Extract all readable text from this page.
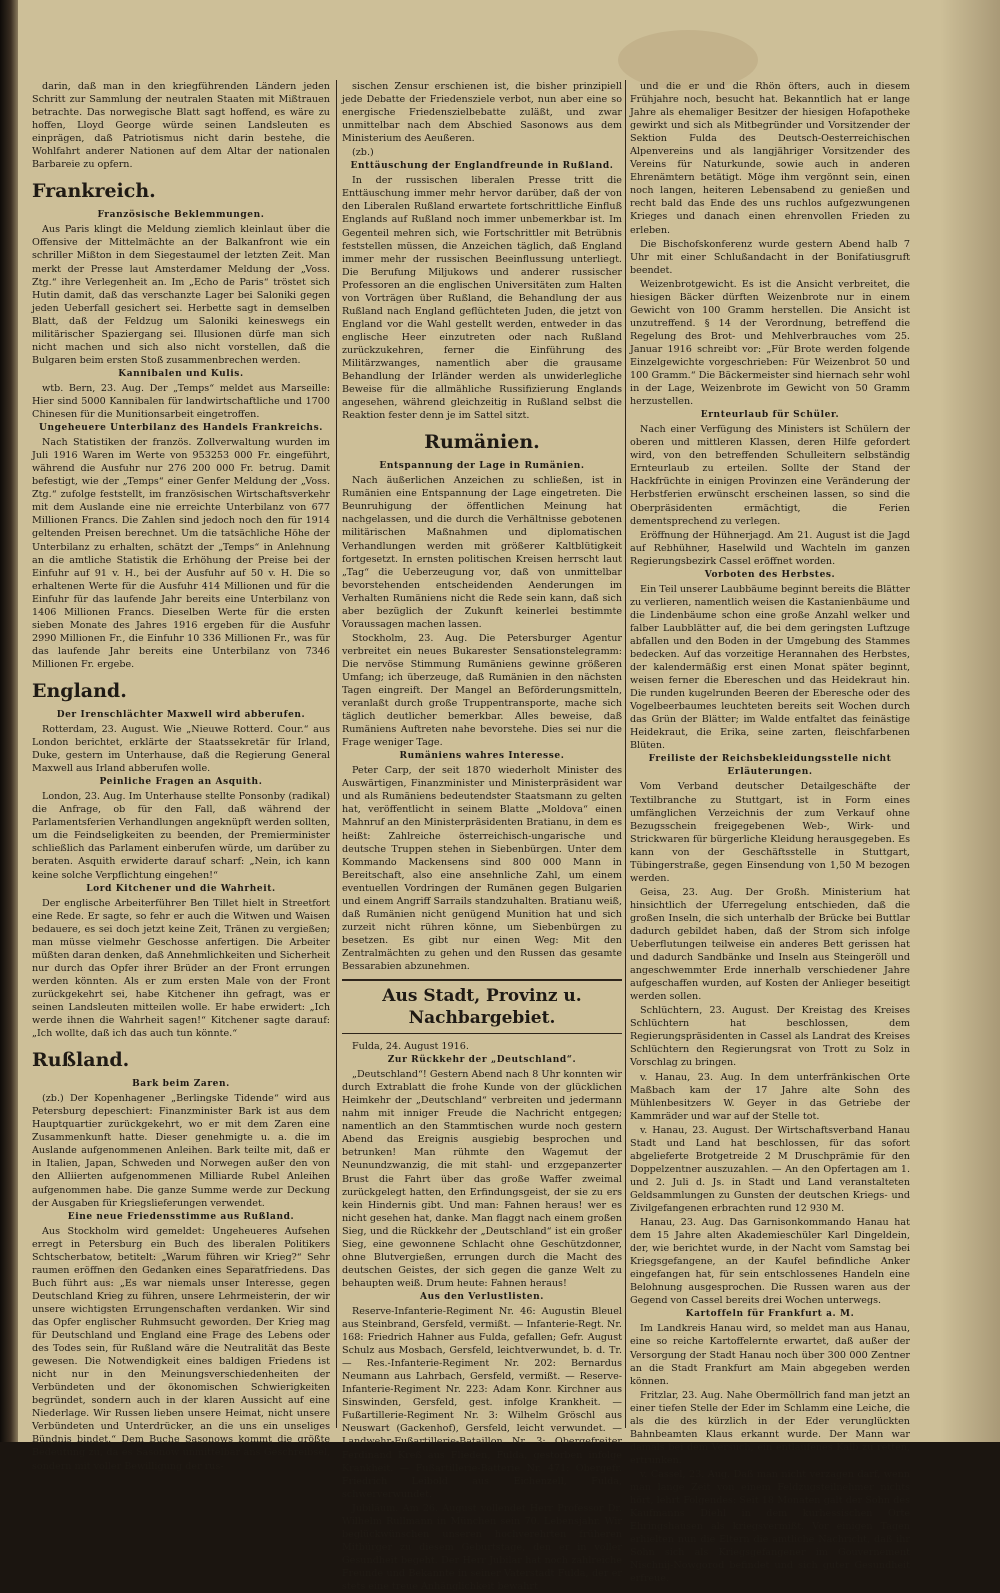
darin, daß man in den kriegführenden Ländern jeden Schritt zur Sammlung der neutralen Staaten mit Mißtrauen betrachte. Das norwegische Blatt sagt hoffend, es wäre zu hoffen, Lloyd George würde seinen Landsleuten es einprägen, daß Patriotismus nicht darin bestehe, die Wohlfahrt anderer Nationen auf dem Altar der nationalen Barbareie zu opfern.

Frankreich.

Französische Beklemmungen.

Aus Paris klingt die Meldung ziemlich kleinlaut über die Offensive der Mittelmächte an der Balkanfront wie ein schriller Mißton in dem Siegestaumel der letzten Zeit. Man merkt der Presse laut Amsterdamer Meldung der „Voss. Ztg.“ ihre Verlegenheit an. Im „Echo de Paris“ tröstet sich Hutin damit, daß das verschanzte Lager bei Saloniki gegen jeden Ueberfall gesichert sei. Herbette sagt in demselben Blatt, daß der Feldzug um Saloniki keineswegs ein militärischer Spaziergang sei. Illusionen dürfe man sich nicht machen und sich also nicht vorstellen, daß die Bulgaren beim ersten Stoß zusammenbrechen werden.

Kannibalen und Kulis.

wtb. Bern, 23. Aug. Der „Temps“ meldet aus Marseille: Hier sind 5000 Kannibalen für landwirtschaftliche und 1700 Chinesen für die Munitionsarbeit eingetroffen.

Ungeheuere Unterbilanz des Handels Frankreichs.

Nach Statistiken der französ. Zollverwaltung wurden im Juli 1916 Waren im Werte von 953253 000 Fr. eingeführt, während die Ausfuhr nur 276 200 000 Fr. betrug. Damit befestigt, wie der „Temps“ einer Genfer Meldung der „Voss. Ztg.“ zufolge feststellt, im französischen Wirtschaftsverkehr mit dem Auslande eine nie erreichte Unterbilanz von 677 Millionen Francs. Die Zahlen sind jedoch noch den für 1914 geltenden Preisen berechnet. Um die tatsächliche Höhe der Unterbilanz zu erhalten, schätzt der „Temps“ in Anlehnung an die amtliche Statistik die Erhöhung der Preise bei der Einfuhr auf 91 v. H., bei der Ausfuhr auf 50 v. H. Die so erhaltenen Werte für die Ausfuhr 414 Millionen und für die Einfuhr für das laufende Jahr bereits eine Unterbilanz von 1406 Millionen Francs. Dieselben Werte für die ersten sieben Monate des Jahres 1916 ergeben für die Ausfuhr 2990 Millionen Fr., die Einfuhr 10 336 Millionen Fr., was für das laufende Jahr bereits eine Unterbilanz von 7346 Millionen Fr. ergebe.

England.

Der Irenschlächter Maxwell wird abberufen.

Rotterdam, 23. August. Wie „Nieuwe Rotterd. Cour.“ aus London berichtet, erklärte der Staatssekretär für Irland, Duke, gestern im Unterhause, daß die Regierung General Maxwell aus Irland abberufen wolle.

Peinliche Fragen an Asquith.

London, 23. Aug. Im Unterhause stellte Ponsonby (radikal) die Anfrage, ob für den Fall, daß während der Parlamentsferien Verhandlungen angeknüpft werden sollten, um die Feindseligkeiten zu beenden, der Premierminister schließlich das Parlament einberufen würde, um darüber zu beraten. Asquith erwiderte darauf scharf: „Nein, ich kann keine solche Verpflichtung eingehen!“

Lord Kitchener und die Wahrheit.

Der englische Arbeiterführer Ben Tillet hielt in Streetfort eine Rede. Er sagte, so fehr er auch die Witwen und Waisen bedauere, es sei doch jetzt keine Zeit, Tränen zu vergießen; man müsse vielmehr Geschosse anfertigen. Die Arbeiter müßten daran denken, daß Annehmlichkeiten und Sicherheit nur durch das Opfer ihrer Brüder an der Front errungen werden könnten. Als er zum ersten Male von der Front zurückgekehrt sei, habe Kitchener ihn gefragt, was er seinen Landsleuten mitteilen wolle. Er habe erwidert: „Ich werde ihnen die Wahrheit sagen!“ Kitchener sagte darauf: „Ich wollte, daß ich das auch tun könnte.“

Rußland.

Bark beim Zaren.

(zb.) Der Kopenhagener „Berlingske Tidende“ wird aus Petersburg depeschiert: Finanzminister Bark ist aus dem Hauptquartier zurückgekehrt, wo er mit dem Zaren eine Zusammenkunft hatte. Dieser genehmigte u. a. die im Auslande aufgenommenen Anleihen. Bark teilte mit, daß er in Italien, Japan, Schweden und Norwegen außer den von den Alliierten aufgenommenen Milliarde Rubel Anleihen aufgenommen habe. Die ganze Summe werde zur Deckung der Ausgaben für Kriegslieferungen verwendet.

Eine neue Friedensstimme aus Rußland.

Aus Stockholm wird gemeldet: Ungeheueres Aufsehen erregt in Petersburg ein Buch des liberalen Politikers Schtscherbatow, betitelt: „Warum führen wir Krieg?“ Sehr raumen eröffnen den Gedanken eines Separatfriedens. Das Buch führt aus: „Es war niemals unser Interesse, gegen Deutschland Krieg zu führen, unsere Lehrmeisterin, der wir unsere wichtigsten Errungenschaften verdanken. Wir sind das Opfer englischer Ruhmsucht geworden. Der Krieg mag für Deutschland und England eine Frage des Lebens oder des Todes sein, für Rußland wäre die Neutralität das Beste gewesen. Die Notwendigkeit eines baldigen Friedens ist nicht nur in den Meinungsverschiedenheiten der Verbündeten und der ökonomischen Schwierigkeiten begründet, sondern auch in der klaren Aussicht auf eine Niederlage. Wir Russen lieben unsere Heimat, nicht unsere Verbündeten und Unterdrücker, an die uns ein unseliges Bündnis bindet.“ Dem Buche Sasonows kommt die größte Bedeutung zu, da es Sasonow unmittelbar ans Geschreibsel, sondern mit voller Bewilligung der rus-

sischen Zensur erschienen ist, die bisher prinzipiell jede Debatte der Friedensziele verbot, nun aber eine so energische Friedenszielbebatte zuläßt, und zwar unmittelbar nach dem Abschied Sasonows aus dem Ministerium des Aeußeren.

(zb.)

Enttäuschung der Englandfreunde in Rußland.

In der russischen liberalen Presse tritt die Enttäuschung immer mehr hervor darüber, daß der von den Liberalen Rußland erwartete fortschrittliche Einfluß Englands auf Rußland noch immer unbemerkbar ist. Im Gegenteil mehren sich, wie Fortschrittler mit Betrübnis feststellen müssen, die Anzeichen täglich, daß England immer mehr der russischen Beeinflussung unterliegt. Die Berufung Miljukows und anderer russischer Professoren an die englischen Universitäten zum Halten von Vorträgen über Rußland, die Behandlung der aus Rußland nach England geflüchteten Juden, die jetzt von England vor die Wahl gestellt werden, entweder in das englische Heer einzutreten oder nach Rußland zurückzukehren, ferner die Einführung des Militärzwanges, namentlich aber die grausame Behandlung der Irländer werden als unwiderlegliche Beweise für die allmähliche Russifizierung Englands angesehen, während gleichzeitig in Rußland selbst die Reaktion fester denn je im Sattel sitzt.

Rumänien.

Entspannung der Lage in Rumänien.

Nach äußerlichen Anzeichen zu schließen, ist in Rumänien eine Entspannung der Lage eingetreten. Die Beunruhigung der öffentlichen Meinung hat nachgelassen, und die durch die Verhältnisse gebotenen militärischen Maßnahmen und diplomatischen Verhandlungen werden mit größerer Kaltblütigkeit fortgesetzt. In ernsten politischen Kreisen herrscht laut „Tag“ die Ueberzeugung vor, daß von unmittelbar bevorstehenden entscheidenden Aenderungen im Verhalten Rumäniens nicht die Rede sein kann, daß sich aber bezüglich der Zukunft keinerlei bestimmte Voraussagen machen lassen.

Stockholm, 23. Aug. Die Petersburger Agentur verbreitet ein neues Bukarester Sensationstelegramm: Die nervöse Stimmung Rumäniens gewinne größeren Umfang; ich überzeuge, daß Rumänien in den nächsten Tagen eingreift. Der Mangel an Beförderungsmitteln, veranlaßt durch große Truppentransporte, mache sich täglich deutlicher bemerkbar. Alles beweise, daß Rumäniens Auftreten nahe bevorstehe. Dies sei nur die Frage weniger Tage.

Rumäniens wahres Interesse.

Peter Carp, der seit 1870 wiederholt Minister des Auswärtigen, Finanzminister und Ministerpräsident war und als Rumäniens bedeutendster Staatsmann zu gelten hat, veröffentlicht in seinem Blatte „Moldova“ einen Mahnruf an den Ministerpräsidenten Bratianu, in dem es heißt: Zahlreiche österreichisch-ungarische und deutsche Truppen stehen in Siebenbürgen. Unter dem Kommando Mackensens sind 800 000 Mann in Bereitschaft, also eine ansehnliche Zahl, um einem eventuellen Vordringen der Rumänen gegen Bulgarien und einem Angriff Sarrails standzuhalten. Bratianu weiß, daß Rumänien nicht genügend Munition hat und sich zurzeit nicht rühren könne, um Siebenbürgen zu besetzen. Es gibt nur einen Weg: Mit den Zentralmächten zu gehen und den Russen das gesamte Bessarabien abzunehmen.

Aus Stadt, Provinz u. Nachbargebiet.

Fulda, 24. August 1916.

Zur Rückkehr der „Deutschland“.

„Deutschland“! Gestern Abend nach 8 Uhr konnten wir durch Extrablatt die frohe Kunde von der glücklichen Heimkehr der „Deutschland“ verbreiten und jedermann nahm mit inniger Freude die Nachricht entgegen; namentlich an den Stammtischen wurde noch gestern Abend das Ereignis ausgiebig besprochen und betrunken! Man rühmte den Wagemut der Neunundzwanzig, die mit stahl- und erzgepanzerter Brust die Fahrt über das große Waffer zweimal zurückgelegt hatten, den Erfindungsgeist, der sie zu ers kein Hindernis gibt. Und man: Fahnen heraus! wer es nicht gesehen hat, danke. Man flaggt nach einem großen Sieg, und die Rückkehr der „Deutschland“ ist ein großer Sieg, eine gewonnene Schlacht ohne Geschützdonner, ohne Blutvergießen, errungen durch die Macht des deutschen Geistes, der sich gegen die ganze Welt zu behaupten weiß. Drum heute: Fahnen heraus!

Aus den Verlustlisten.

Reserve-Infanterie-Regiment Nr. 46: Augustin Bleuel aus Steinbrand, Gersfeld, vermißt. — Infanterie-Regt. Nr. 168: Friedrich Hahner aus Fulda, gefallen; Gefr. August Schulz aus Mosbach, Gersfeld, leichtverwundet, b. d. Tr. — Res.-Infanterie-Regiment Nr. 202: Bernardus Neumann aus Lahrbach, Gersfeld, vermißt. — Reserve-Infanterie-Regiment Nr. 223: Adam Konr. Kirchner aus Sinswinden, Gersfeld, gest. infolge Krankheit. — Fußartillerie-Regiment Nr. 3: Wilhelm Gröschl aus Neuswart (Gackenhof), Gersfeld, leicht verwundet. — Landwehr-Fußartillerie-Bataillon Nr. 3: Obergefreiter Ferdinand Kreß aus Flieden, Fulda, gestorben infolge Krankheit. — Fußartillerie-Batterie Nr. 471: Obergefr. Friedrich Leibold aus Eichenzell, Fulda, schwerverwundet.

Jubiläum. Am 26. August vollendet Herr Professor Dr. Wilhelm Rullmann in München sein 70. Lebensjahr. Wir beglückwünschen unseren hochverehrten früheren Mitbürger zu diesem Geburtstage, den er in voller Gesundheit begeht. Der Herr Jubilar hat noch zahlreiche Freunde und Bekannte in seiner Vaterstadt Fulda, der er stets eine treue Anhänglichkeit bewahrt

und die er und die Rhön öfters, auch in diesem Frühjahre noch, besucht hat. Bekanntlich hat er lange Jahre als ehemaliger Besitzer der hiesigen Hofapotheke gewirkt und sich als Mitbegründer und Vorsitzender der Sektion Fulda des Deutsch-Oesterreichischen Alpenvereins und als langjähriger Vorsitzender des Vereins für Naturkunde, sowie auch in anderen Ehrenämtern betätigt. Möge ihm vergönnt sein, einen noch langen, heiteren Lebensabend zu genießen und recht bald das Ende des uns ruchlos aufgezwungenen Krieges und danach einen ehrenvollen Frieden zu erleben.

Die Bischofskonferenz wurde gestern Abend halb 7 Uhr mit einer Schlußandacht in der Bonifatiusgruft beendet.

Weizenbrotgewicht. Es ist die Ansicht verbreitet, die hiesigen Bäcker dürften Weizenbrote nur in einem Gewicht von 100 Gramm herstellen. Die Ansicht ist unzutreffend. § 14 der Verordnung, betreffend die Regelung des Brot- und Mehlverbrauches vom 25. Januar 1916 schreibt vor: „Für Brote werden folgende Einzelgewichte vorgeschrieben: Für Weizenbrot 50 und 100 Gramm.“ Die Bäckermeister sind hiernach sehr wohl in der Lage, Weizenbrote im Gewicht von 50 Gramm herzustellen.

Ernteurlaub für Schüler.

Nach einer Verfügung des Ministers ist Schülern der oberen und mittleren Klassen, deren Hilfe gefordert wird, von den betreffenden Schulleitern selbständig Ernteurlaub zu erteilen. Sollte der Stand der Hackfrüchte in einigen Provinzen eine Veränderung der Herbstferien erwünscht erscheinen lassen, so sind die Oberpräsidenten ermächtigt, die Ferien dementsprechend zu verlegen.

Eröffnung der Hühnerjagd. Am 21. August ist die Jagd auf Rebhühner, Haselwild und Wachteln im ganzen Regierungsbezirk Cassel eröffnet worden.

Vorboten des Herbstes.

Ein Teil unserer Laubbäume beginnt bereits die Blätter zu verlieren, namentlich weisen die Kastanienbäume und die Lindenbäume schon eine große Anzahl welker und falber Laubblätter auf, die bei dem geringsten Luftzuge abfallen und den Boden in der Umgebung des Stammes bedecken. Auf das vorzeitige Herannahen des Herbstes, der kalendermäßig erst einen Monat später beginnt, weisen ferner die Ebereschen und das Heidekraut hin. Die runden kugelrunden Beeren der Eberesche oder des Vogelbeerbaumes leuchteten bereits seit Wochen durch das Grün der Blätter; im Walde entfaltet das feinästige Heidekraut, die Erika, seine zarten, fleischfarbenen Blüten.

Freiliste der Reichsbekleidungsstelle nicht Erläuterungen.

Vom Verband deutscher Detailgeschäfte der Textilbranche zu Stuttgart, ist in Form eines umfänglichen Verzeichnis der zum Verkauf ohne Bezugsschein freigegebenen Web-, Wirk- und Strickwaren für bürgerliche Kleidung herausgegeben. Es kann von der Geschäftsstelle in Stuttgart, Tübingerstraße, gegen Einsendung von 1,50 M bezogen werden.

Geisa, 23. Aug. Der Großh. Ministerium hat hinsichtlich der Uferregelung entschieden, daß die großen Inseln, die sich unterhalb der Brücke bei Buttlar dadurch gebildet haben, daß der Strom sich infolge Ueberflutungen teilweise ein anderes Bett gerissen hat und dadurch Sandbänke und Inseln aus Steingeröll und angeschwemmter Erde innerhalb verschiedener Jahre aufgeschaffen wurden, auf Kosten der Anlieger beseitigt werden sollen.

Schlüchtern, 23. August. Der Kreistag des Kreises Schlüchtern hat beschlossen, dem Regierungspräsidenten in Cassel als Landrat des Kreises Schlüchtern den Regierungsrat von Trott zu Solz in Vorschlag zu bringen.

v. Hanau, 23. Aug. In dem unterfränkischen Orte Maßbach kam der 17 Jahre alte Sohn des Mühlenbesitzers W. Geyer in das Getriebe der Kammräder und war auf der Stelle tot.

v. Hanau, 23. August. Der Wirtschaftsverband Hanau Stadt und Land hat beschlossen, für das sofort abgelieferte Brotgetreide 2 M Druschprämie für den Doppelzentner auszuzahlen. — An den Opfertagen am 1. und 2. Juli d. Js. in Stadt und Land veranstalteten Geldsammlungen zu Gunsten der deutschen Kriegs- und Zivilgefangenen erbrachten rund 12 930 M.

Hanau, 23. Aug. Das Garnisonkommando Hanau hat dem 15 Jahre alten Akademieschüler Karl Dingeldein, der, wie berichtet wurde, in der Nacht vom Samstag bei Kriegsgefangene, an der Kaufel befindliche Anker eingefangen hat, für sein entschlossenes Handeln eine Belohnung ausgesprochen. Die Russen waren aus der Gegend von Cassel bereits drei Wochen unterwegs.

Kartoffeln für Frankfurt a. M.

Im Landkreis Hanau wird, so meldet man aus Hanau, eine so reiche Kartoffelernte erwartet, daß außer der Versorgung der Stadt Hanau noch über 300 000 Zentner an die Stadt Frankfurt am Main abgegeben werden können.

Fritzlar, 23. Aug. Nahe Obermöllrich fand man jetzt an einer tiefen Stelle der Eder im Schlamm eine Leiche, die als die des kürzlich in der Eder verunglückten Bahnbeamten Klaus erkannt wurde. Der Mann war damals bei dem Versuch, ein entlaufenes Kalb zu retten, ertrunken.

v. Cassel, 23. Aug. Daß man nicht verzagen darf, wenn man lange Zeit von einem Feldzugsteilnehmer nichts hört, lehrt Folgendes: Seit 18 Monaten galt der Sohn des Kaufmanns Diehl in dem kurhessischen Orte Ehringshausen als kriegsvermißt. Vor einigen Tagen erhielten nun die Eltern die amtliche Nachricht, daß ihr Sohn sich als Kriegsgefangener im Gouvernement Nischnij-Nowgorod befindet und sich guter Gesundheit erfreue.
